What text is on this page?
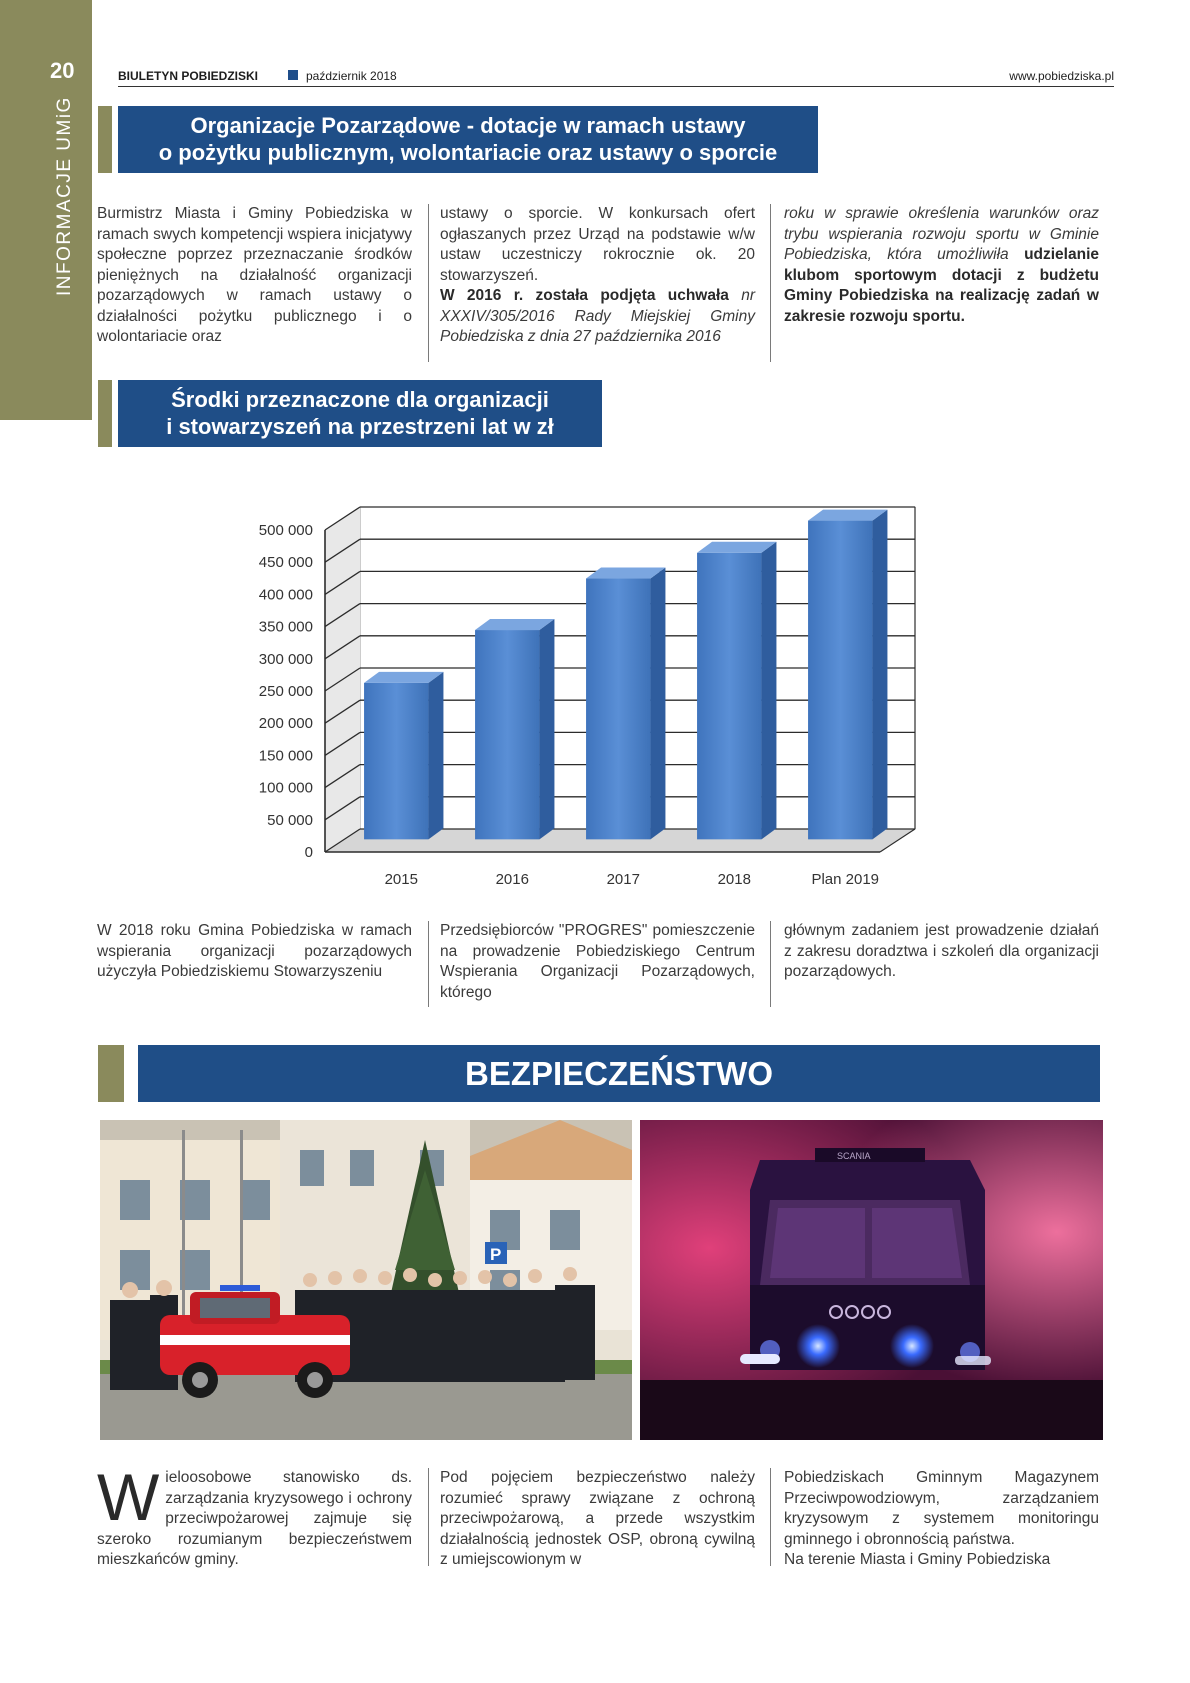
20
INFORMACJE UMiG
BIULETYN POBIEDZISKI	październik 2018	www.pobiedziska.pl
Organizacje Pozarządowe - dotacje w ramach ustawy
o pożytku publicznym, wolontariacie oraz ustawy o sporcie

Burmistrz Miasta i Gminy Pobiedziska w ramach swych kompetencji wspiera inicjatywy społeczne poprzez przeznaczanie środków pieniężnych na działalność organizacji pozarządowych w ramach ustawy o działalności pożytku publicznego i o wolontariacie oraz

ustawy o sporcie. W konkursach ofert ogłaszanych przez Urząd na podstawie w/w ustaw uczestniczy rokrocznie ok. 20 stowarzyszeń.

W 2016 r. została podjęta uchwała nr XXXIV/305/2016 Rady Miejskiej Gminy Pobiedziska z dnia 27 października 2016

roku w sprawie określenia warunków oraz trybu wspierania rozwoju sportu w Gminie Pobiedziska, która umożliwiła udzielanie klubom sportowym dotacji z budżetu Gminy Pobiedziska na realizację zadań w zakresie rozwoju sportu.

Środki przeznaczone dla organizacji
i stowarzyszeń na przestrzeni lat w zł
0
50 000
100 000
150 000
200 000
250 000
300 000
350 000
400 000
450 000
500 000
2015	2016	2017	2018	Plan 2019

W 2018 roku Gmina Pobiedziska w ramach wspierania organizacji pozarządowych użyczyła Pobiedziskiemu Stowarzyszeniu

Przedsiębiorców "PROGRES" pomieszczenie na prowadzenie Pobiedziskiego Centrum Wspierania Organizacji Pozarządowych, którego

głównym zadaniem jest prowadzenie działań z zakresu doradztwa i szkoleń dla organizacji pozarządowych.

BEZPIECZEŃSTWO
P
SCANIA
W ieloosobowe stanowisko ds. zarządzania kryzysowego i ochrony przeciwpożarowej zajmuje się szeroko rozumianym bezpieczeństwem mieszkańców gminy.

Pod pojęciem bezpieczeństwo należy rozumieć sprawy związane z ochroną przeciwpożarową, a przede wszystkim działalnością jednostek OSP, obroną cywilną z umiejscowionym w

Pobiedziskach Gminnym Magazynem Przeciwpowodziowym, zarządzaniem kryzysowym z systemem monitoringu gminnego i obronnością państwa.

Na terenie Miasta i Gminy Pobiedziska
